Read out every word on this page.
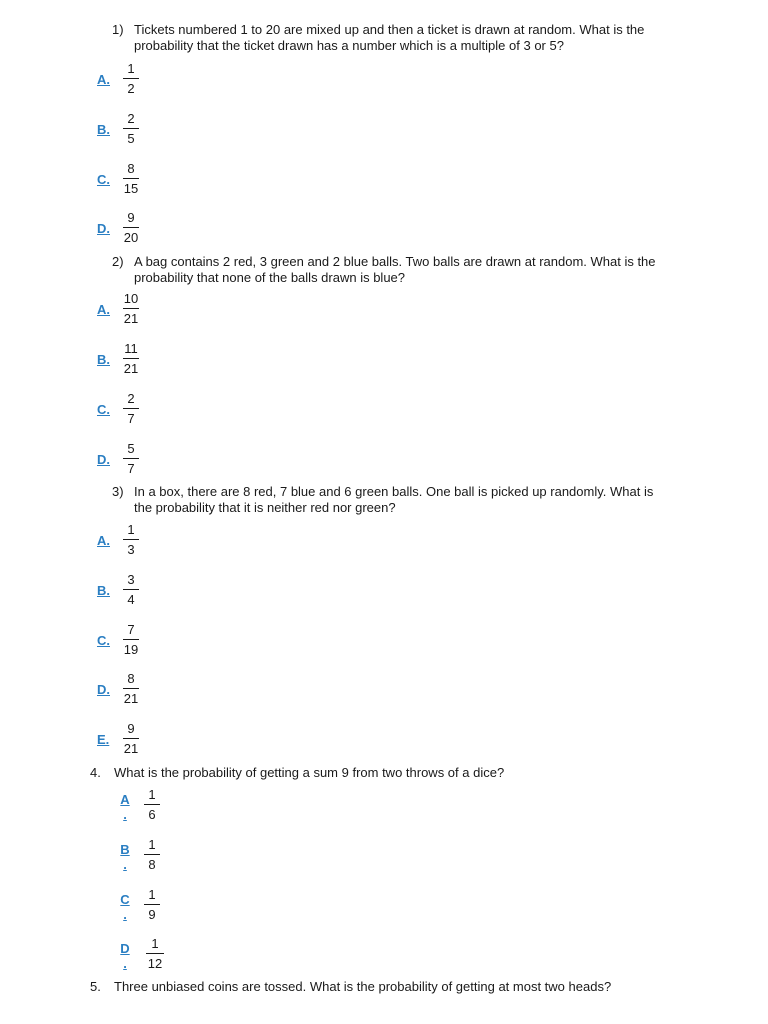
1) Tickets numbered 1 to 20 are mixed up and then a ticket is drawn at random. What is the probability that the ticket drawn has a number which is a multiple of 3 or 5?
A.
1
2
B.
2
5
C.
8
15
D.
9
20
2) A bag contains 2 red, 3 green and 2 blue balls. Two balls are drawn at random. What is the probability that none of the balls drawn is blue?
A.
10
21
B.
11
21
C.
2
7
D.
5
7
3) In a box, there are 8 red, 7 blue and 6 green balls. One ball is picked up randomly. What is the probability that it is neither red nor green?
A.
1
3
B.
3
4
C.
7
19
D.
8
21
E.
9
21
4. What is the probability of getting a sum 9 from two throws of a dice?
A
.
1
6
B
.
1
8
C
.
1
9
D
.
1
12
5. Three unbiased coins are tossed. What is the probability of getting at most two heads?
